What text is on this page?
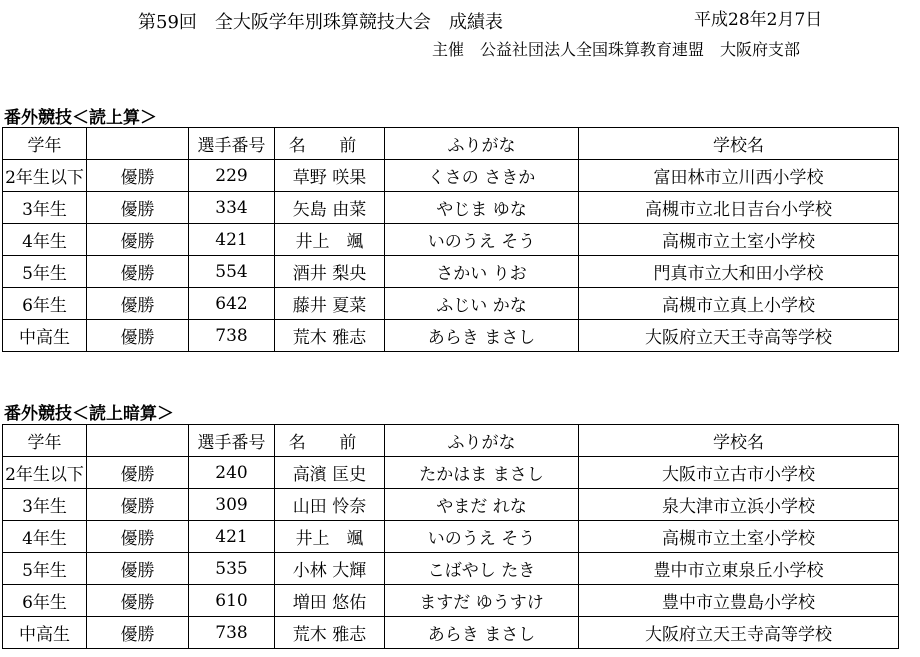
第59回　全大阪学年別珠算競技大会　成績表	平成28年2月7日
主催　公益社団法人全国珠算教育連盟　大阪府支部
番外競技＜読上算＞
学年		選手番号	名 前	ふりがな	学校名
2年生以下	優勝	229	草野 咲果	くさの さきか	富田林市立川西小学校
3年生	優勝	334	矢島 由菜	やじま ゆな	高槻市立北日吉台小学校
4年生	優勝	421	井上　颯	いのうえ そう	高槻市立土室小学校
5年生	優勝	554	酒井 梨央	さかい りお	門真市立大和田小学校
6年生	優勝	642	藤井 夏菜	ふじい かな	高槻市立真上小学校
中高生	優勝	738	荒木 雅志	あらき まさし	大阪府立天王寺高等学校
番外競技＜読上暗算＞
学年		選手番号	名 前	ふりがな	学校名
2年生以下	優勝	240	高濱 匡史	たかはま まさし	大阪市立古市小学校
3年生	優勝	309	山田 怜奈	やまだ れな	泉大津市立浜小学校
4年生	優勝	421	井上　颯	いのうえ そう	高槻市立土室小学校
5年生	優勝	535	小林 大輝	こばやし たき	豊中市立東泉丘小学校
6年生	優勝	610	増田 悠佑	ますだ ゆうすけ	豊中市立豊島小学校
中高生	優勝	738	荒木 雅志	あらき まさし	大阪府立天王寺高等学校
